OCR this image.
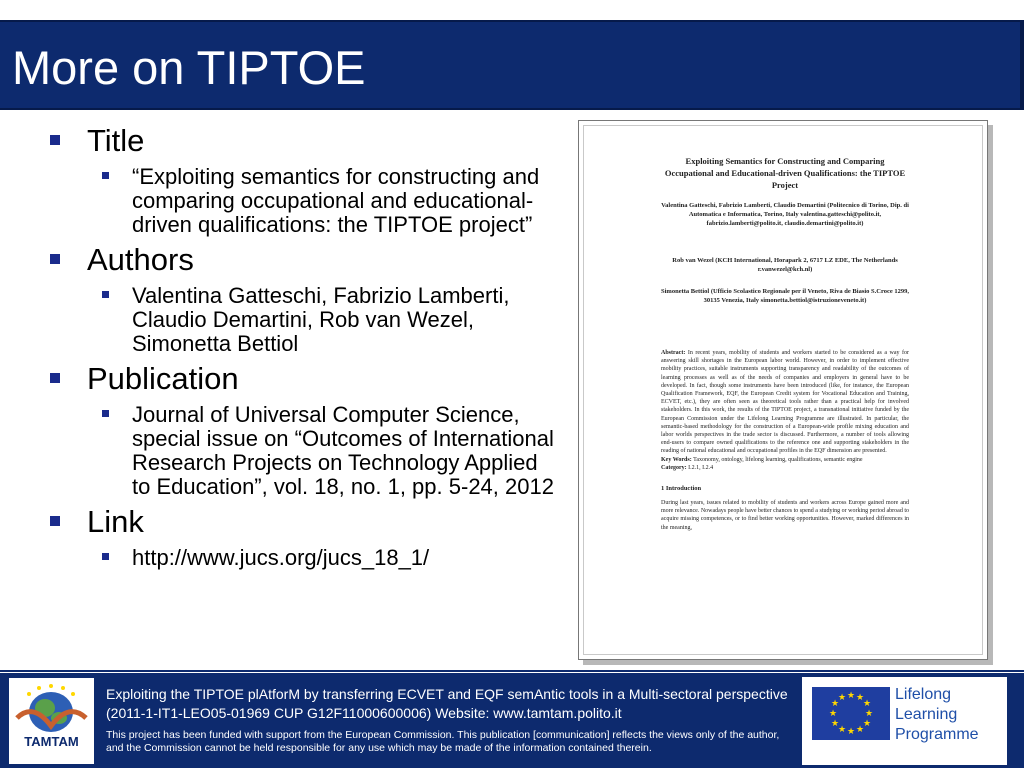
More on TIPTOE
Title
“Exploiting semantics for constructing and comparing occupational and educational-driven qualifications: the TIPTOE project”
Authors
Valentina Gatteschi, Fabrizio Lamberti, Claudio Demartini, Rob van Wezel, Simonetta Bettiol
Publication
Journal of Universal Computer Science, special issue on “Outcomes of International Research Projects on Technology Applied to Education”, vol. 18, no. 1, pp. 5-24, 2012
Link
http://www.jucs.org/jucs_18_1/
Exploiting Semantics for Constructing and Comparing Occupational and Educational-driven Qualifications: the TIPTOE Project
Valentina Gatteschi, Fabrizio Lamberti, Claudio Demartini (Politecnico di Torino, Dip. di Automatica e Informatica, Torino, Italy valentina.gatteschi@polito.it, fabrizio.lamberti@polito.it, claudio.demartini@polito.it)
Rob van Wezel (KCH International, Horapark 2, 6717 LZ EDE, The Netherlands r.vanwezel@kch.nl)
Simonetta Bettiol (Ufficio Scolastico Regionale per il Veneto, Riva de Biasio S.Croce 1299, 30135 Venezia, Italy simonetta.bettiol@istruzioneveneto.it)
Abstract: In recent years, mobility of students and workers started to be considered as a way for answering skill shortages in the European labor world. However, in order to implement effective mobility practices, suitable instruments supporting transparency and readability of the outcomes of learning processes as well as of the needs of companies and employers in general have to be developed. In fact, though some instruments have been introduced (like, for instance, the European Qualification Framework, EQF, the European Credit system for Vocational Education and Training, ECVET, etc.), they are often seen as theoretical tools rather than a practical help for involved stakeholders. In this work, the results of the TIPTOE project, a transnational initiative funded by the European Commission under the Lifelong Learning Programme are illustrated. In particular, the semantic-based methodology for the construction of a European-wide profile mixing education and labor worlds perspectives in the trade sector is discussed. Furthermore, a number of tools allowing end-users to compare owned qualifications to the reference one and supporting stakeholders in the reading of national educational and occupational profiles in the EQF dimension are presented.
Key Words: Taxonomy, ontology, lifelong learning, qualifications, semantic engine
Category: I.2.1, I.2.4
1 Introduction
During last years, issues related to mobility of students and workers across Europe gained more and more relevance. Nowadays people have better chances to spend a studying or working period abroad to acquire missing competences, or to find better working opportunities. However, marked differences in the meaning,
TAMTAM
Exploiting the TIPTOE plAtforM by transferring ECVET and EQF semAntic tools in a Multi-sectoral perspective (2011-1-IT1-LEO05-01969 CUP G12F11000600006) Website: www.tamtam.polito.it
This project has been funded with support from the European Commission. This publication [communication] reflects the views only of the author, and the Commission cannot be held responsible for any use which may be made of the information contained therein.
★ ★
★
★
★
★
★
★
★
★
★
★	Lifelong
Learning
Programme
